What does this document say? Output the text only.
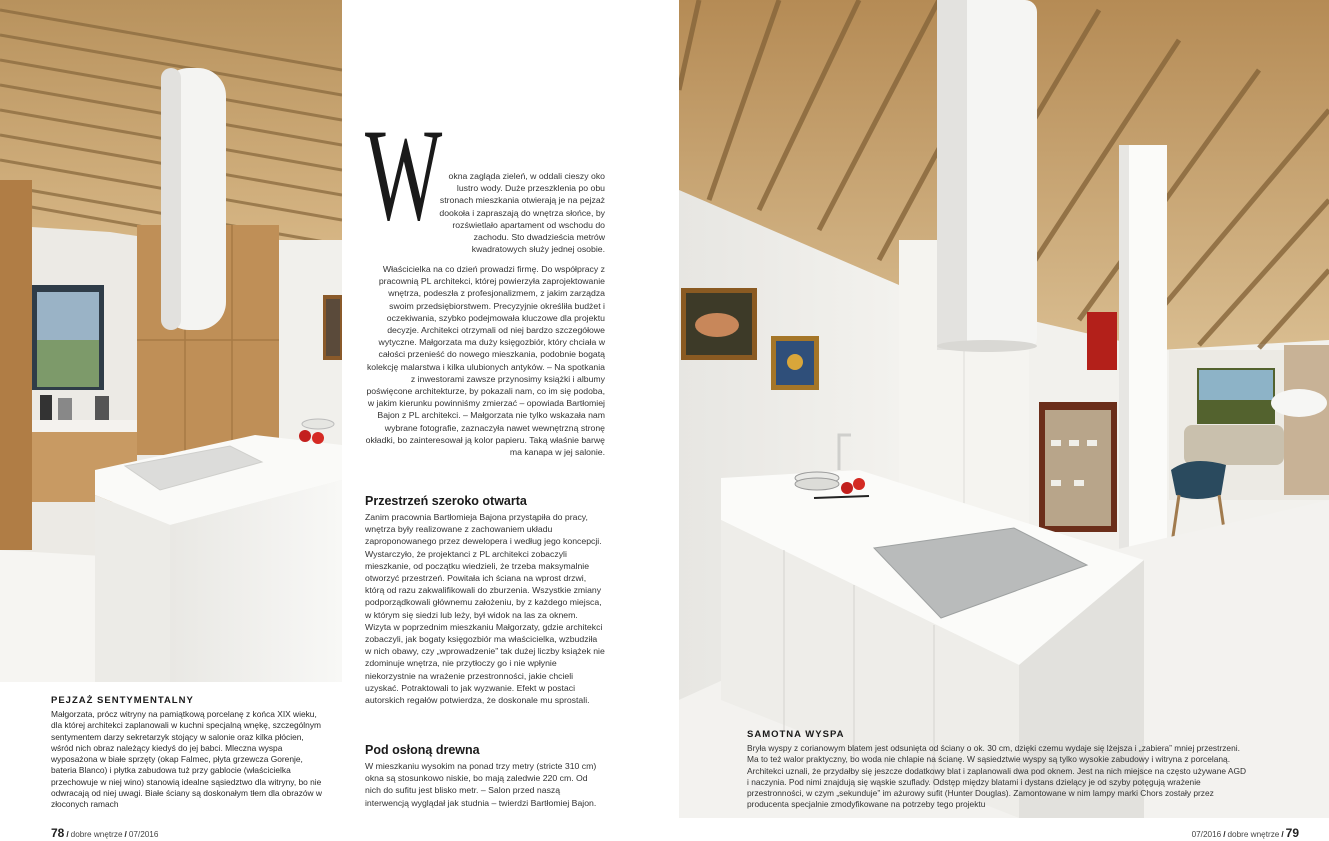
PEJZAŻ SENTYMENTALNY
Małgorzata, prócz witryny na pamiątkową porcelanę z końca XIX wieku, dla której architekci zaplanowali w kuchni specjalną wnękę, szczególnym sentymentem darzy sekretarzyk stojący w salonie oraz kilka płócien, wśród nich obraz należący kiedyś do jej babci. Mleczna wyspa wyposażona w białe sprzęty (okap Falmec, płyta grzewcza Gorenje, bateria Blanco) i płytka zabudowa tuż przy gablocie (właścicielka przechowuje w niej wino) stanowią idealne sąsiedztwo dla witryny, bo nie odwracają od niej uwagi. Białe ściany są doskonałym tłem dla obrazów w złoconych ramach
W	okna zagląda zieleń, w oddali cieszy oko lustro wody. Duże przeszklenia po obu stronach mieszkania otwierają je na pejzaż dookoła i zapraszają do wnętrza słońce, by rozświetlało apartament od wschodu do zachodu. Sto dwadzieścia metrów kwadratowych służy jednej osobie.

Właścicielka na co dzień prowadzi firmę. Do współpracy z pracownią PL architekci, której powierzyła zaprojektowanie wnętrza, podeszła z profesjonalizmem, z jakim zarządza swoim przedsiębiorstwem. Precyzyjnie określiła budżet i oczekiwania, szybko podejmowała kluczowe dla projektu decyzje. Architekci otrzymali od niej bardzo szczegółowe wytyczne. Małgorzata ma duży księgozbiór, który chciała w całości przenieść do nowego mieszkania, podobnie bogatą kolekcję malarstwa i kilka ulubionych antyków. – Na spotkania z inwestorami zawsze przynosimy książki i albumy poświęcone architekturze, by pokazali nam, co im się podoba, w jakim kierunku powinniśmy zmierzać – opowiada Bartłomiej Bajon z PL architekci. – Małgorzata nie tylko wskazała nam wybrane fotografie, zaznaczyła nawet wewnętrzną stronę okładki, bo zainteresował ją kolor papieru. Taką właśnie barwę ma kanapa w jej salonie.

Przestrzeń szeroko otwarta

Zanim pracownia Bartłomieja Bajona przystąpiła do pracy, wnętrza były realizowane z zachowaniem układu zaproponowanego przez dewelopera i według jego koncepcji. Wystarczyło, że projektanci z PL architekci zobaczyli mieszkanie, od początku wiedzieli, że trzeba maksymalnie otworzyć przestrzeń. Powitała ich ściana na wprost drzwi, którą od razu zakwalifikowali do zburzenia. Wszystkie zmiany podporządkowali głównemu założeniu, by z każdego miejsca, w którym się siedzi lub leży, był widok na las za oknem. Wizyta w poprzednim mieszkaniu Małgorzaty, gdzie architekci zobaczyli, jak bogaty księgozbiór ma właścicielka, wzbudziła w nich obawy, czy „wprowadzenie” tak dużej liczby książek nie zdominuje wnętrza, nie przytłoczy go i nie wpłynie niekorzystnie na wrażenie przestronności, jakie chcieli uzyskać. Potraktowali to jak wyzwanie. Efekt w postaci autorskich regałów potwierdza, że doskonale mu sprostali.

Pod osłoną drewna

W mieszkaniu wysokim na ponad trzy metry (stricte 310 cm) okna są stosunkowo niskie, bo mają zaledwie 220 cm. Od nich do sufitu jest blisko metr. – Salon przed naszą interwencją wyglądał jak studnia – twierdzi Bartłomiej Bajon.

SAMOTNA WYSPA
Bryła wyspy z corianowym blatem jest odsunięta od ściany o ok. 30 cm, dzięki czemu wydaje się lżejsza i „zabiera” mniej przestrzeni. Ma to też walor praktyczny, bo woda nie chlapie na ścianę. W sąsiedztwie wyspy są tylko wysokie zabudowy i witryna z porcelaną. Architekci uznali, że przydałby się jeszcze dodatkowy blat i zaplanowali dwa pod oknem. Jest na nich miejsce na często używane AGD i naczynia. Pod nimi znajdują się wąskie szuflady. Odstęp między blatami i dystans dzielący je od szyby potęgują wrażenie przestronności, w czym „sekunduje” im ażurowy sufit (Hunter Douglas). Zamontowane w nim lampy marki Chors zostały przez producenta specjalnie zmodyfikowane na potrzeby tego projektu
78 / dobre wnętrze / 07/2016	07/2016 / dobre wnętrze / 79
